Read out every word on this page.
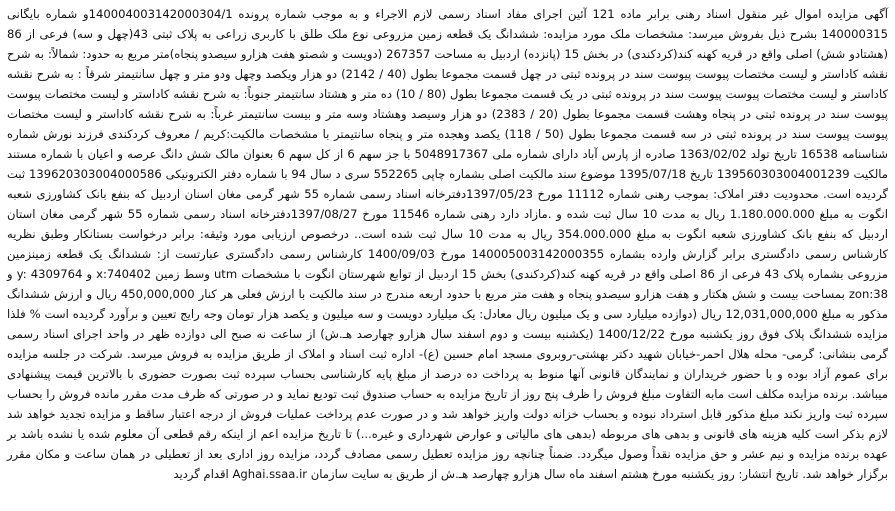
آگهی مزایده اموال غیر منقول اسناد رهنی برابر ماده 121 آئین اجرای مفاد اسناد رسمی لازم الاجراء و به موجب شماره پرونده 140004003142000304/1و شماره بایگانی 140000315 بشرح ذیل بفروش میرسد: مشخصات ملک مورد مزایده: ششدانگ یک قطعه زمین مزروعی نوع ملک طلق با کاربری زراعی به پلاک ثبتی 43(چهل و سه) فرعی از 86 (هشتادو شش) اصلی واقع در قریه کهنه کند(کردکندی) در بخش 15 (پانزده) اردبیل به مساحت 267357 (دویست و شصتو هفت هزارو سیصدو پنجاه)متر مربع به حدود: شمالاً: به شرح نقشه کاداستر و لیست مختصات پیوست پیوست سند در پرونده ثبتی در چهل قسمت مجموعا بطول (40 / 2142) دو هزار ویکصد وچهل ودو متر و چهل سانتیمتر شرقاً : به شرح نقشه کاداستر و لیست مختصات پیوست پیوست سند در پرونده ثبتی در یک قسمت مجموعا بطول (80 / 10) ده متر و هشتاد سانتیمتر جنوباً: به شرح نقشه کاداستر و لیست مختصات پیوست پیوست سند در پرونده ثبتی در پنجاه وهشت قسمت مجموعا بطول (20 / 2383) دو هزار وسیصد وهشتاد وسه متر و بیست سانتیمتر غرباً: به شرح نقشه کاداستر و لیست مختصات پیوست پیوست سند در پرونده ثبتی در سه قسمت مجموعا بطول (50 / 118) یکصد وهجده متر و پنجاه سانتیمتر با مشخصات مالکیت:کریم / معروف کردکندی فرزند نورش شماره شناسنامه 16538 تاریخ تولد 1363/02/02 صادره از پارس آباد دارای شماره ملی 5048917367 با جز سهم 6 از کل سهم 6 بعنوان مالک شش دانگ عرصه و اعیان با شماره مستند مالکیت 139560303004001239 تاریخ 1395/07/18 موضوع سند مالکیت اصلی بشماره چاپی 552265 سری د سال 94 با شماره دفتر الکترونیکی 139620303004000586 ثبت گردیده است. محدودیت دفتر املاک: بموجب رهنی شماره 11112 مورخ 1397/05/23دفترخانه اسناد رسمی شماره 55 شهر گرمی مغان اسنان اردبیل که بنفع بانک کشاورزی شعبه انگوت به مبلغ 1.180.000.000 ریال به مدت 10 سال ثبت شده و .مازاد دارد رهنی شماره 11546 مورخ 1397/08/27دفترخانه اسناد رسمی شماره 55 شهر گرمی مغان استان اردبیل که بنفع بانک کشاورزی شعبه انگوت به مبلغ 354.000.000 ریال به مدت 10 سال ثبت شده است.. درخصوص ارزیابی مورد وثیقه: برابر درخواست بستانکار وطبق نظریه کارشناس رسمی دادگستری برابر گزارش وارده بشماره 140005003142000355 مورخ 1400/09/03 کارشناس رسمی دادگستری عبارتست از: ششدانگ یک قطعه زمینزمین مزروعی بشماره پلاک 43 فرعی از 86 اصلی واقع در قریه کهنه کند(کردکندی) بخش 15 اردبیل از توابع شهرستان انگوت با مشخصات utm وسط زمین x:740402 و y: 4309764 و zon:38 بمساحت بیست و شش هکتار و هفت هزارو سیصدو پنجاه و هفت متر مربع با حدود اربعه مندرج در سند مالکیت با ارزش فعلی هر کنار 450,000,000 ریال و ارزش ششدانگ مذکور به مبلغ 12,031,000,000 ریال (دوازده میلیارد سی و یک میلیون ریال معادل: یک میلیارد دویست و سه میلیون و یکصد هزار تومان وجه رایج تعیین و برآورد گردیده است % فلذا مزایده ششدانگ پلاک فوق روز یکشنبه مورخ 1400/12/22 (یکشنبه بیست و دوم اسفند سال هزارو چهارصد هـ.ش) از ساعت نه صبح الی دوازده ظهر در واحد اجرای اسناد رسمی گرمی بنشانی: گرمی- محله هلال احمر-خیابان شهید دکتر بهشتی-روبروی مسجد امام حسین (ع)- اداره ثبت اسناد و املاک از طریق مزایده به فروش میرسد. شرکت در جلسه مزایده برای عموم آزاد بوده و با حضور خریداران و نمایندگان قانونی آنها منوط به پرداخت ده درصد از مبلغ پایه کارشناسی بحساب سپرده ثبت بصورت حضوری با بالاترین قیمت پیشنهادی میباشد. برنده مزایده مکلف است مابه التفاوت مبلغ فروش را ظرف پنج روز از تاریخ مزایده به حساب صندوق ثبت تودیع نماید و در صورتی که ظرف مدت مقرر مانده فروش را بحساب سپرده ثبت واریز نکند مبلغ مذکور قابل استرداد نبوده و بحساب خزانه دولت واریز خواهد شد و در صورت عدم پرداخت عملیات فروش از درجه اعتبار ساقط و مزایده تجدید خواهد شد لازم بذکر است کلیه هزینه های قانونی و بدهی های مربوطه (بدهی های مالیاتی و عوارض شهرداری و غیره...) تا تاریخ مزایده اعم از اینکه رقم قطعی آن معلوم شده یا نشده باشد بر عهده برنده مزایده و نیم عشر و حق مزایده نقداً وصول میگردد. ضمناً چنانچه روز مزایده تعطیل رسمی مصادف گردد، مزایده روز اداری بعد از تعطیلی در همان ساعت و مکان مقرر برگزار خواهد شد. تاریخ انتشار: روز یکشنبه مورخ هشتم اسفند ماه سال هزارو چهارصد هـ.ش از طریق به سایت سازمان Aghai.ssaa.ir اقدام گردید
